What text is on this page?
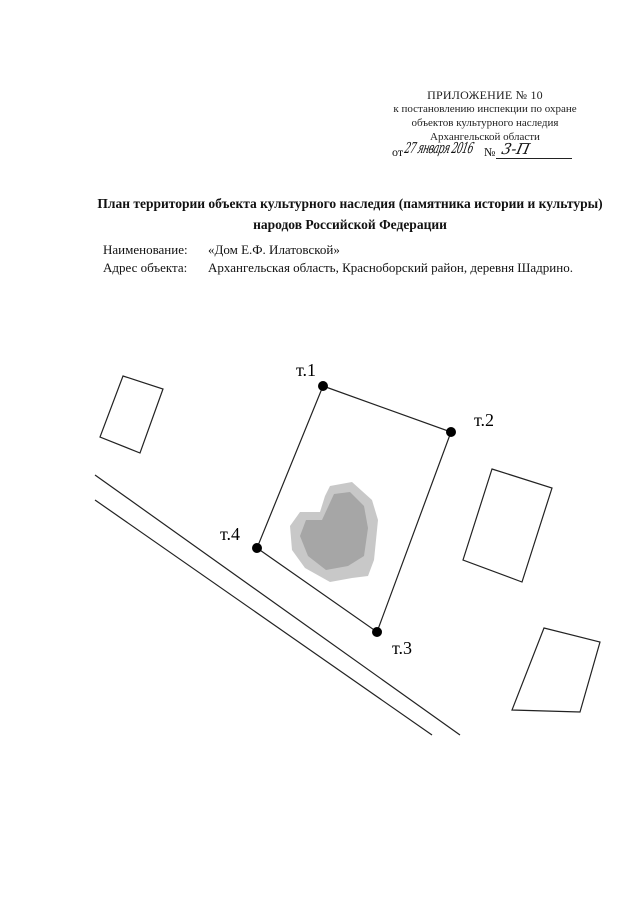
ПРИЛОЖЕНИЕ № 10
к постановлению инспекции по охране
объектов культурного наследия
Архангельской области
от 27 января 2016 № 3-П
План территории объекта культурного наследия (памятника истории и культуры) народов Российской Федерации
Наименование:	«Дом Е.Ф. Илатовской»
Адрес объекта:	Архангельская область, Красноборский район, деревня Шадрино.
т.1
т.2
т.3
т.4
